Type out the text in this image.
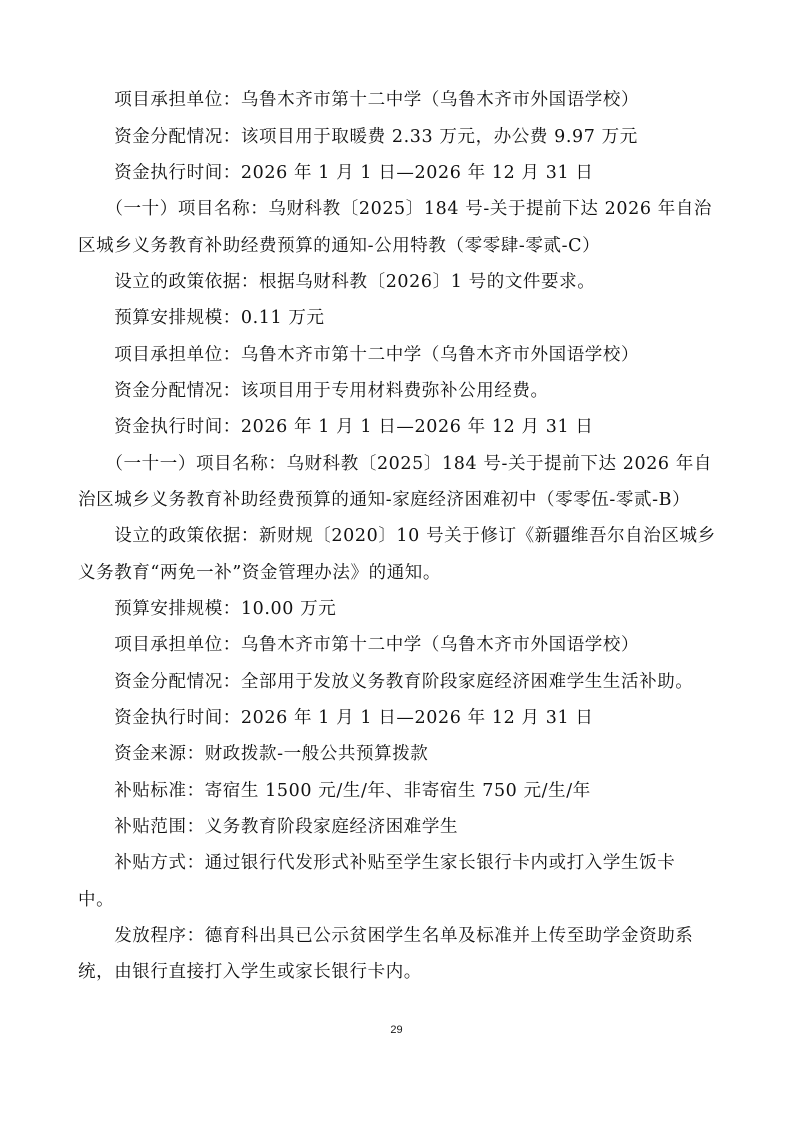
　　项目承担单位：乌鲁木齐市第十二中学（乌鲁木齐市外国语学校）
　　资金分配情况：该项目用于取暖费 2.33 万元，办公费 9.97 万元
　　资金执行时间：2026 年 1 月 1 日—2026 年 12 月 31 日
　　（一十）项目名称：乌财科教〔2025〕184 号-关于提前下达 2026 年自治
区城乡义务教育补助经费预算的通知-公用特教（零零肆-零贰-C）
　　设立的政策依据：根据乌财科教〔2026〕1 号的文件要求。
　　预算安排规模：0.11 万元
　　项目承担单位：乌鲁木齐市第十二中学（乌鲁木齐市外国语学校）
　　资金分配情况：该项目用于专用材料费弥补公用经费。
　　资金执行时间：2026 年 1 月 1 日—2026 年 12 月 31 日
　　（一十一）项目名称：乌财科教〔2025〕184 号-关于提前下达 2026 年自
治区城乡义务教育补助经费预算的通知-家庭经济困难初中（零零伍-零贰-B）
　　设立的政策依据：新财规〔2020〕10 号关于修订《新疆维吾尔自治区城乡
义务教育“两免一补”资金管理办法》的通知。
　　预算安排规模：10.00 万元
　　项目承担单位：乌鲁木齐市第十二中学（乌鲁木齐市外国语学校）
　　资金分配情况：全部用于发放义务教育阶段家庭经济困难学生生活补助。
　　资金执行时间：2026 年 1 月 1 日—2026 年 12 月 31 日
　　资金来源：财政拨款-一般公共预算拨款
　　补贴标准：寄宿生 1500 元/生/年、非寄宿生 750 元/生/年
　　补贴范围：义务教育阶段家庭经济困难学生
　　补贴方式：通过银行代发形式补贴至学生家长银行卡内或打入学生饭卡
中。
　　发放程序：德育科出具已公示贫困学生名单及标准并上传至助学金资助系
统，由银行直接打入学生或家长银行卡内。
29
